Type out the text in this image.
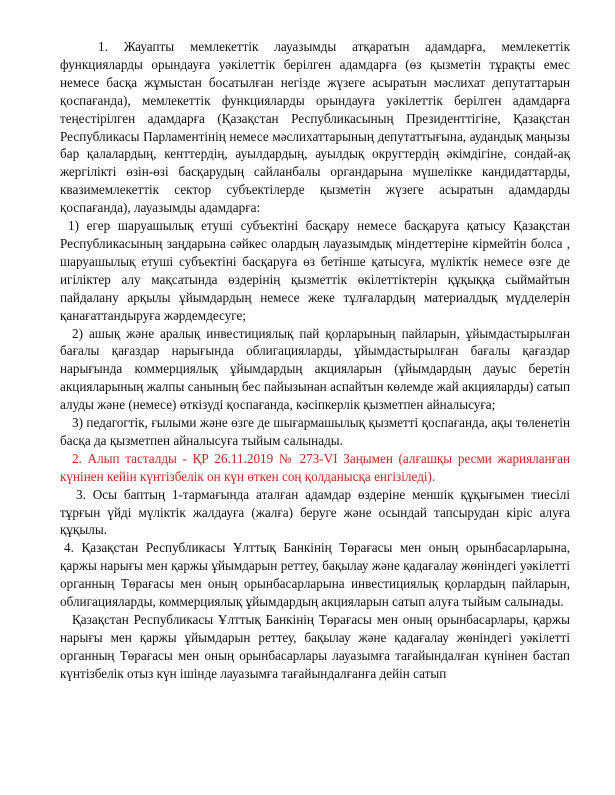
1. Жауапты мемлекеттік лауазымды атқаратын адамдарға, мемлекеттік функцияларды орындауға уәкілеттік берілген адамдарға (өз қызметін тұрақты емес немесе басқа жұмыстан босатылған негізде жүзеге асыратын мәслихат депутаттарын қоспағанда), мемлекеттік функцияларды орындауға уәкілеттік берілген адамдарға теңестірілген адамдарға (Қазақстан Республикасының Президенттігіне, Қазақстан Республикасы Парламентінің немесе мәслихаттарының депутаттығына, аудандық маңызы бар қалалардың, кенттердің, ауылдардың, ауылдық округтердің әкімдігіне, сондай-ақ жергілікті өзін-өзі басқарудың сайланбалы органдарына мүшелікке кандидаттарды, квазимемлекеттік сектор субъектілерде қызметін жүзеге асыратын адамдарды қоспағанда), лауазымды адамдарға:

1) егер шаруашылық етуші субъектіні басқару немесе басқаруға қатысу Қазақстан Республикасының заңдарына сәйкес олардың лауазымдық міндеттеріне кірмейтін болса , шаруашылық етуші субъектіні басқаруға өз бетінше қатысуға, мүліктік немесе өзге де игіліктер алу мақсатында өздерінің қызметтік өкілеттіктерін құқыққа сыймайтын пайдалану арқылы ұйымдардың немесе жеке тұлғалардың материалдық мүдделерін қанағаттандыруға жәрдемдесуге;

2) ашық және аралық инвестициялық пай қорларының пайларын, ұйымдастырылған бағалы қағаздар нарығында облигацияларды, ұйымдастырылған бағалы қағаздар нарығында коммерциялық ұйымдардың акцияларын (ұйымдардың дауыс беретін акцияларының жалпы санының бес пайызынан аспайтын көлемде жай акцияларды) сатып алуды және (немесе) өткізуді қоспағанда, кәсіпкерлік қызметпен айналысуға;

3) педагогтік, ғылыми және өзге де шығармашылық қызметті қоспағанда, ақы төленетін басқа да қызметпен айналысуға тыйым салынады.

2. Алып тасталды - ҚР 26.11.2019 № 273-VI Заңымен (алғашқы ресми жарияланған күнінен кейін күнтізбелік он күн өткен соң қолданысқа енгізіледі).

3. Осы баптың 1-тармағында аталған адамдар өздеріне меншік құқығымен тиесілі тұрғын үйді мүліктік жалдауға (жалға) беруге және осындай тапсырудан кіріс алуға құқылы.

4. Қазақстан Республикасы Ұлттық Банкінің Төрағасы мен оның орынбасарларына, қаржы нарығы мен қаржы ұйымдарын реттеу, бақылау және қадағалау жөніндегі уәкілетті органның Төрағасы мен оның орынбасарларына инвестициялық қорлардың пайларын, облигацияларды, коммерциялық ұйымдардың акцияларын сатып алуға тыйым салынады.

Қазақстан Республикасы Ұлттық Банкінің Төрағасы мен оның орынбасарлары, қаржы нарығы мен қаржы ұйымдарын реттеу, бақылау және қадағалау жөніндегі уәкілетті органның Төрағасы мен оның орынбасарлары лауазымға тағайындалған күнінен бастап күнтізбелік отыз күн ішінде лауазымға тағайындалғанға дейін сатып
